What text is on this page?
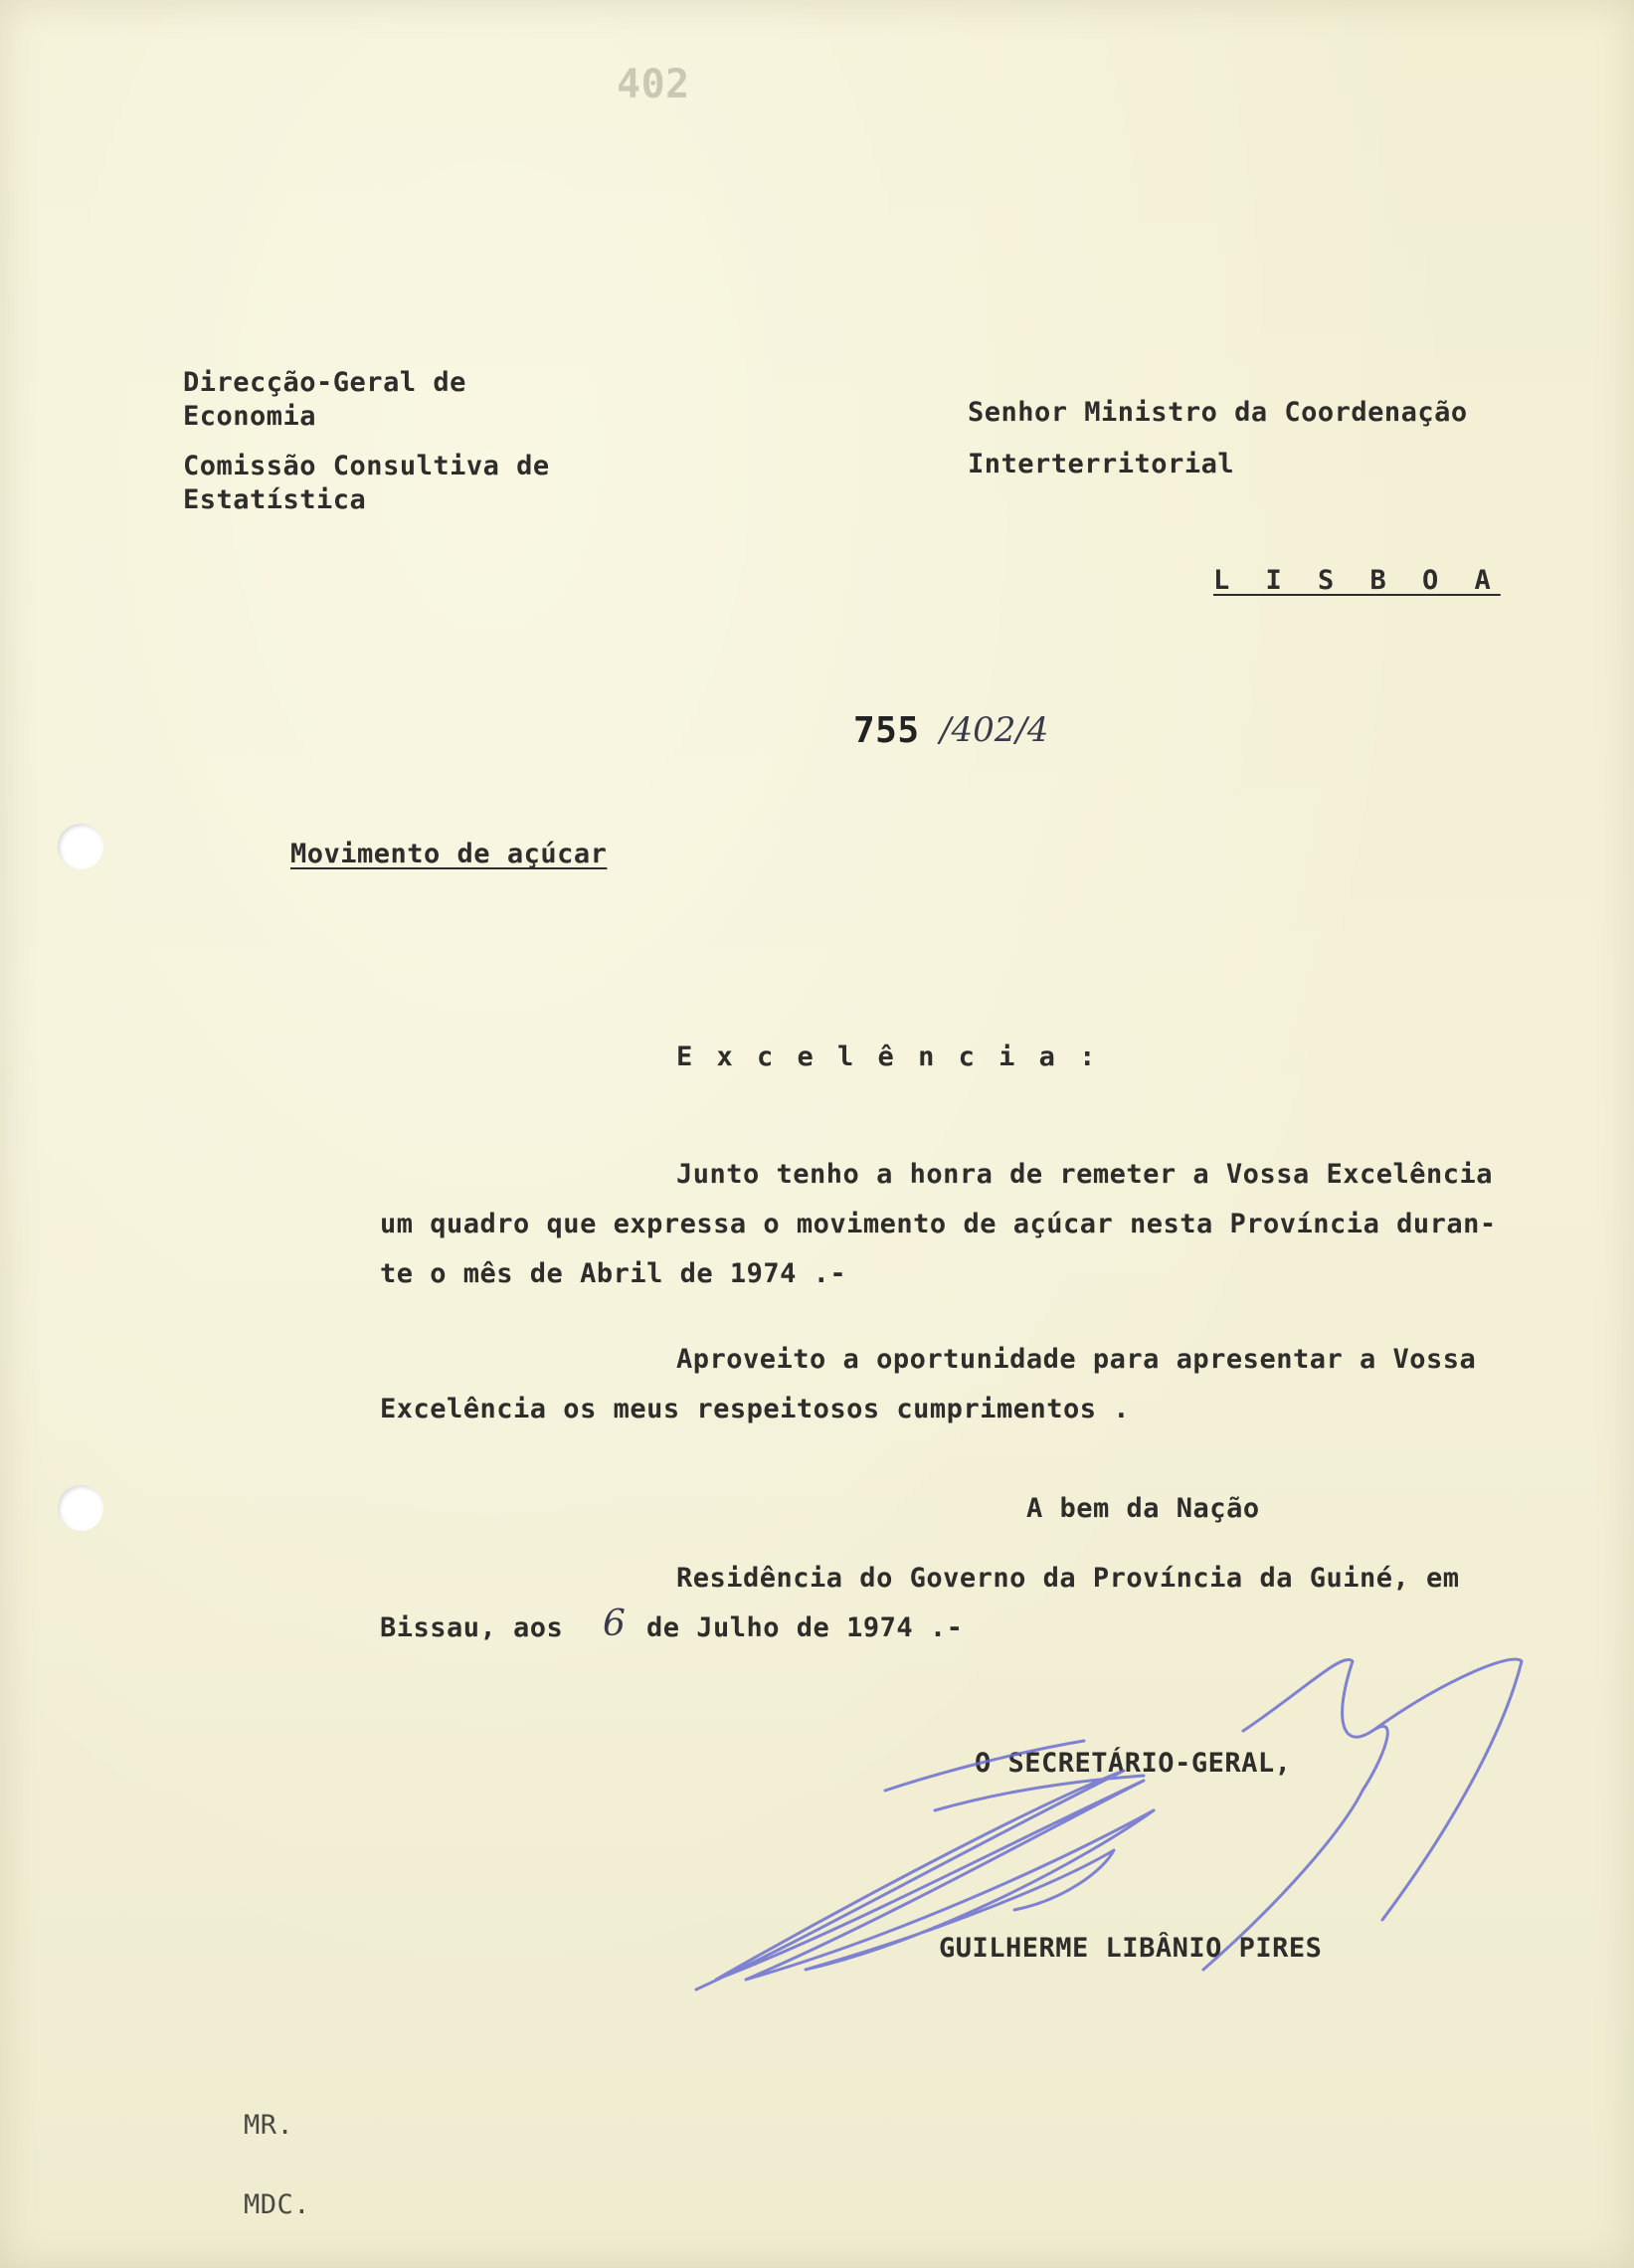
402
Direcção-Geral de
Economia
Comissão Consultiva de
Estatística
Senhor Ministro da Coordenação
Interterritorial
L I S B O A
755 /402/4
Movimento de açúcar
E x c e l ê n c i a :
Junto tenho a honra de remeter a Vossa Excelência
um quadro que expressa o movimento de açúcar nesta Província duran-
te o mês de Abril de 1974 .-
Aproveito a oportunidade para apresentar a Vossa
Excelência os meus respeitosos cumprimentos .
A bem da Nação
Residência do Governo da Província da Guiné, em
Bissau, aos 6 de Julho de 1974 .-
O SECRETÁRIO-GERAL,
GUILHERME LIBÂNIO PIRES
MR.
MDC.
